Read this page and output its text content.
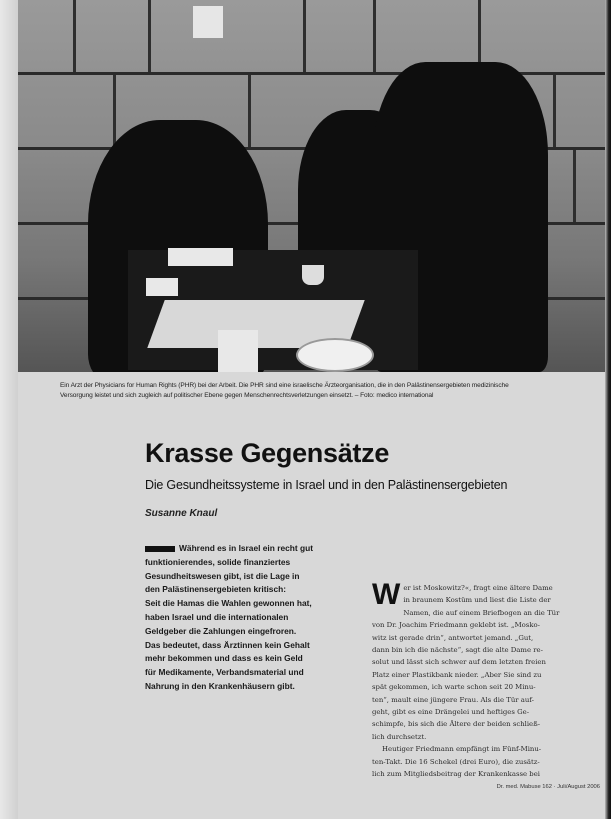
Ein Arzt der Physicians for Human Rights (PHR) bei der Arbeit. Die PHR sind eine israelische Ärzteorganisation, die in den Palästinensergebieten medizinische
Versorgung leistet und sich zugleich auf politischer Ebene gegen Menschenrechtsverletzungen einsetzt. – Foto: medico international
Krasse Gegensätze
Die Gesundheitssysteme in Israel und in den Palästinensergebieten
Susanne Knaul
Während es in Israel ein recht gut
funktionierendes, solide finanziertes
Gesundheitswesen gibt, ist die Lage in
den Palästinensergebieten kritisch:
Seit die Hamas die Wahlen gewonnen hat,
haben Israel und die internationalen
Geldgeber die Zahlungen eingefroren.
Das bedeutet, dass Ärztinnen kein Gehalt
mehr bekommen und dass es kein Geld
für Medikamente, Verbandsmaterial und
Nahrung in den Krankenhäusern gibt.
W er ist Moskowitz?«, fragt eine ältere Dame
in braunem Kostüm und liest die Liste der
Namen, die auf einem Briefbogen an die Tür
von Dr. Joachim Friedmann geklebt ist. „Mosko-
witz ist gerade drin“, antwortet jemand. „Gut,
dann bin ich die nächste“, sagt die alte Dame re-
solut und lässt sich schwer auf dem letzten freien
Platz einer Plastikbank nieder. „Aber Sie sind zu
spät gekommen, ich warte schon seit 20 Minu-
ten“, mault eine jüngere Frau. Als die Tür auf-
geht, gibt es eine Drängelei und heftiges Ge-
schimpfe, bis sich die Ältere der beiden schließ-
lich durchsetzt.
Heutiger Friedmann empfängt im Fünf-Minu-
ten-Takt. Die 16 Schekel (drei Euro), die zusätz-
lich zum Mitgliedsbeitrag der Krankenkasse bei
Dr. med. Mabuse 162 · Juli/August 2006
